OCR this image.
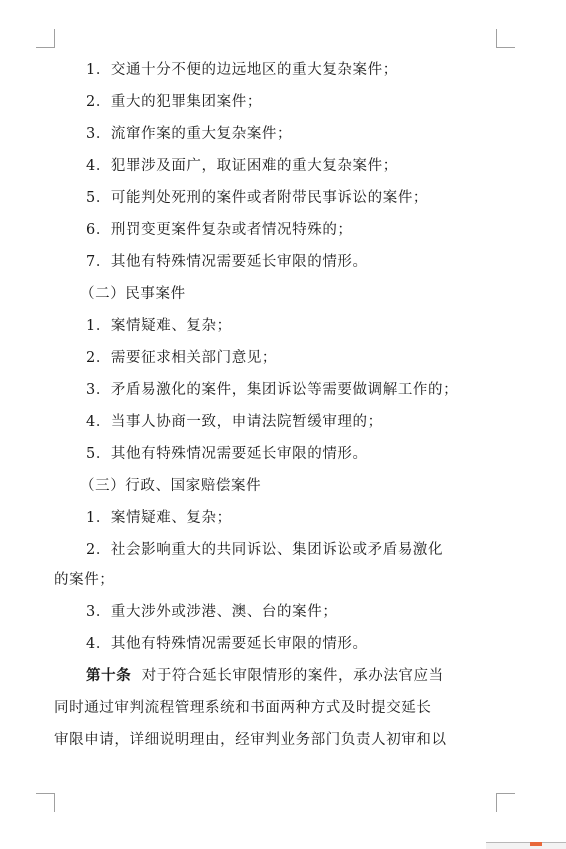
1．交通十分不便的边远地区的重大复杂案件；
2．重大的犯罪集团案件；
3．流窜作案的重大复杂案件；
4．犯罪涉及面广，取证困难的重大复杂案件；
5．可能判处死刑的案件或者附带民事诉讼的案件；
6．刑罚变更案件复杂或者情况特殊的；
7．其他有特殊情况需要延长审限的情形。
（二）民事案件
1．案情疑难、复杂；
2．需要征求相关部门意见；
3．矛盾易激化的案件，集团诉讼等需要做调解工作的；
4．当事人协商一致，申请法院暂缓审理的；
5．其他有特殊情况需要延长审限的情形。
（三）行政、国家赔偿案件
1．案情疑难、复杂；
2．社会影响重大的共同诉讼、集团诉讼或矛盾易激化
的案件；
3．重大涉外或涉港、澳、台的案件；
4．其他有特殊情况需要延长审限的情形。
第十条 对于符合延长审限情形的案件，承办法官应当
同时通过审判流程管理系统和书面两种方式及时提交延长
审限申请，详细说明理由，经审判业务部门负责人初审和以
